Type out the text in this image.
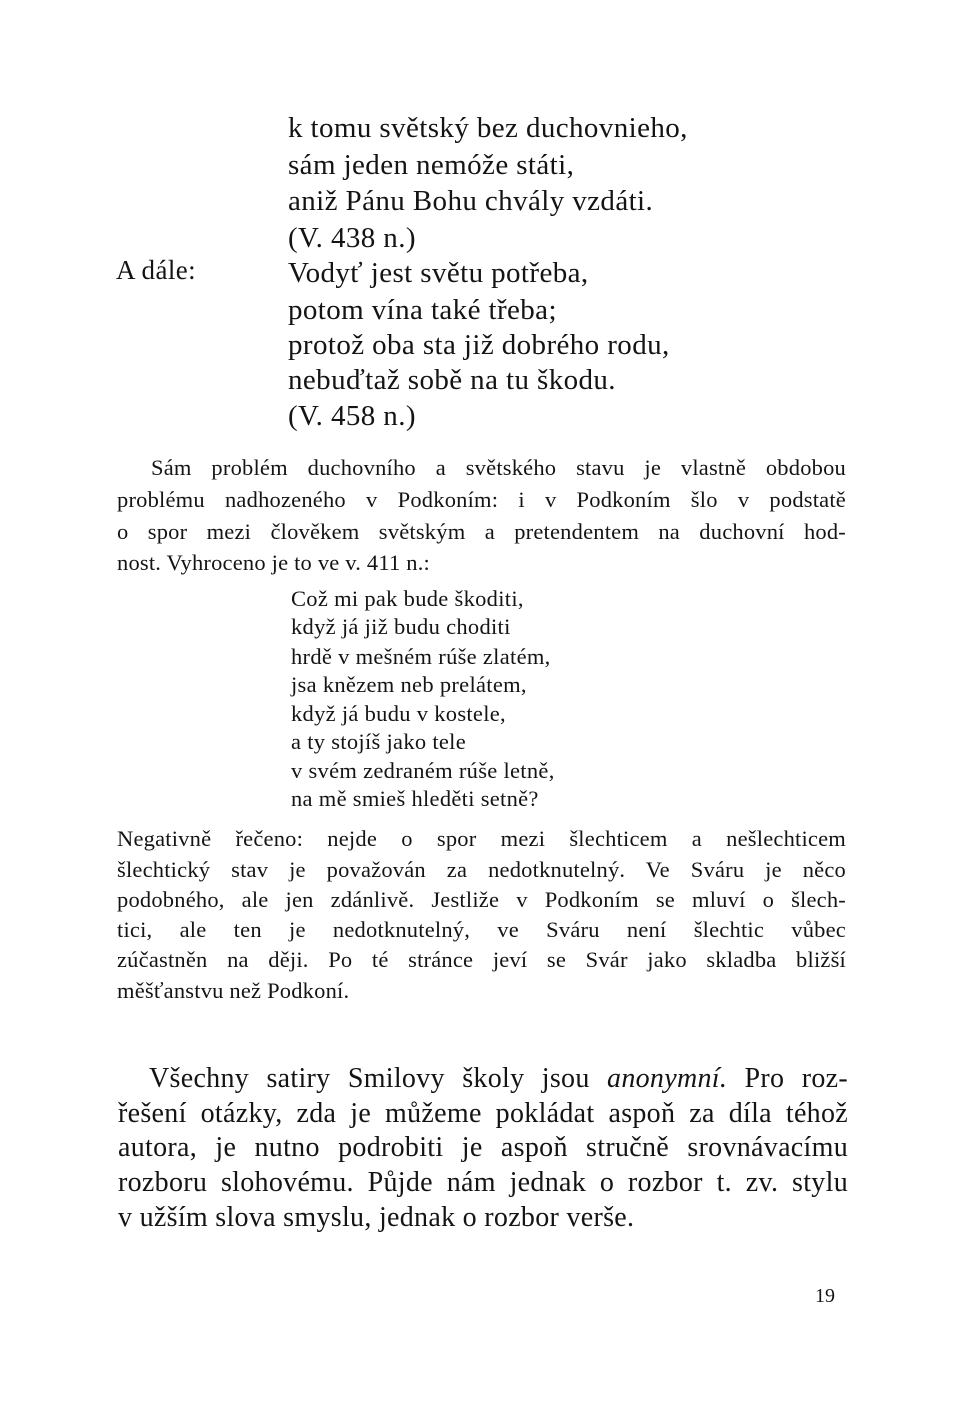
k tomu světský bez duchovnieho,
sám jeden nemóže státi,
aniž Pánu Bohu chvály vzdáti.
(V. 438 n.)
A dále:	Vodyť jest světu potřeba,
potom vína také třeba;
protož oba sta již dobrého rodu,
nebuďtaž sobě na tu škodu.
(V. 458 n.)
Sám problém duchovního a světského stavu je vlastně obdobou
problému nadhozeného v Podkoním: i v Podkoním šlo v podstatě
o spor mezi člověkem světským a pretendentem na duchovní hod-
nost. Vyhroceno je to ve v. 411 n.:
Což mi pak bude škoditi,
když já již budu choditi
hrdě v mešném rúše zlatém,
jsa knězem neb prelátem,
když já budu v kostele,
a ty stojíš jako tele
v svém zedraném rúše letně,
na mě smieš hleděti setně?
Negativně řečeno: nejde o spor mezi šlechticem a nešlechticem
šlechtický stav je považován za nedotknutelný. Ve Sváru je něco
podobného, ale jen zdánlivě. Jestliže v Podkoním se mluví o šlech-
tici, ale ten je nedotknutelný, ve Sváru není šlechtic vůbec
zúčastněn na ději. Po té stránce jeví se Svár jako skladba bližší
měšťanstvu než Podkoní.
Všechny satiry Smilovy školy jsou anonymní. Pro roz-
řešení otázky, zda je můžeme pokládat aspoň za díla téhož
autora, je nutno podrobiti je aspoň stručně srovnávacímu
rozboru slohovému. Půjde nám jednak o rozbor t. zv. stylu
v užším slova smyslu, jednak o rozbor verše.
19
